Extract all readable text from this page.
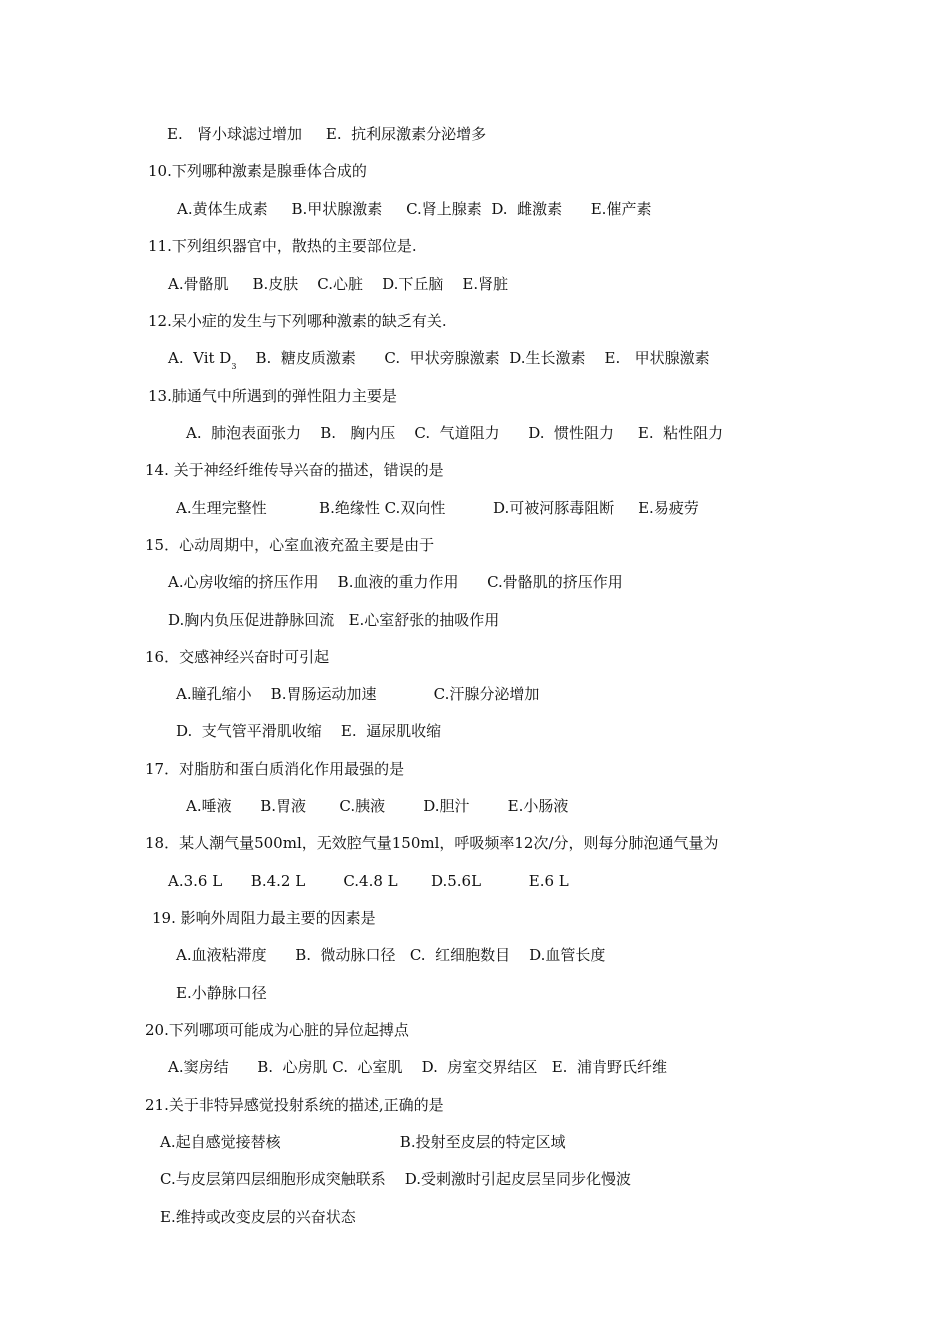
E.   肾小球滤过增加     E.  抗利尿激素分泌增多
10.下列哪种激素是腺垂体合成的
A.黄体生成素     B.甲状腺激素     C.肾上腺素  D.  雌激素      E.催产素
11.下列组织器官中，散热的主要部位是.
A.骨骼肌     B.皮肤    C.心脏    D.下丘脑    E.肾脏
12.呆小症的发生与下列哪种激素的缺乏有关.
A.  Vit $D_3$    B.  糖皮质激素      C.  甲状旁腺激素  D.生长激素    E.   甲状腺激素
13.肺通气中所遇到的弹性阻力主要是
A.  肺泡表面张力    B.   胸内压    C.  气道阻力      D.  惯性阻力     E.  粘性阻力
14. 关于神经纤维传导兴奋的描述，错误的是
A.生理完整性           B.绝缘性 C.双向性          D.可被河豚毒阻断     E.易疲劳
15．心动周期中，心室血液充盈主要是由于
A.心房收缩的挤压作用    B.血液的重力作用      C.骨骼肌的挤压作用
D.胸内负压促进静脉回流   E.心室舒张的抽吸作用
16．交感神经兴奋时可引起
A.瞳孔缩小    B.胃肠运动加速            C.汗腺分泌增加
D.  支气管平滑肌收缩    E.  逼尿肌收缩
17．对脂肪和蛋白质消化作用最强的是
A.唾液      B.胃液       C.胰液        D.胆汁        E.小肠液
18．某人潮气量500ml，无效腔气量150ml，呼吸频率12次/分，则每分肺泡通气量为
A.3.6 L      B.4.2 L        C.4.8 L       D.5.6L          E.6 L
19. 影响外周阻力最主要的因素是
A.血液粘滞度      B.  微动脉口径   C.  红细胞数目    D.血管长度
E.小静脉口径
20.下列哪项可能成为心脏的异位起搏点
A.窦房结      B.  心房肌 C.  心室肌    D.  房室交界结区   E.  浦肯野氏纤维
21.关于非特异感觉投射系统的描述,正确的是
A.起自感觉接替核                         B.投射至皮层的特定区域
C.与皮层第四层细胞形成突触联系    D.受刺激时引起皮层呈同步化慢波
E.维持或改变皮层的兴奋状态
